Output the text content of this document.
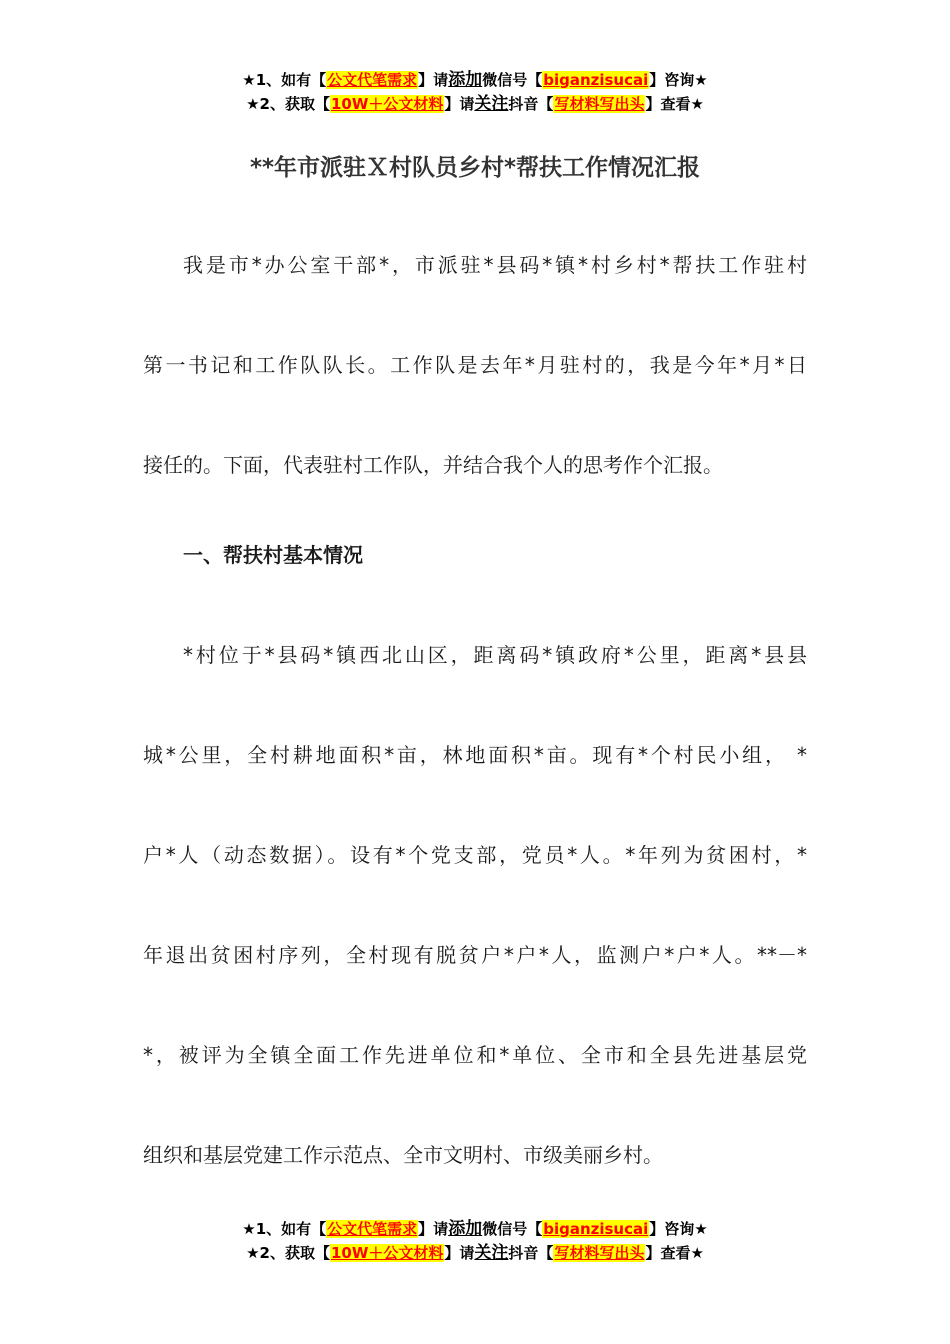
★1、如有【公文代笔需求】请添加微信号【biganzisucai】咨询★
★2、获取【10W＋公文材料】请关注抖音【写材料写出头】查看★
**年市派驻Ｘ村队员乡村*帮扶工作情况汇报
我是市*办公室干部*，市派驻*县码*镇*村乡村*帮扶工作驻村
第一书记和工作队队长。工作队是去年*月驻村的，我是今年*月*日
接任的。下面，代表驻村工作队，并结合我个人的思考作个汇报。
一、帮扶村基本情况
*村位于*县码*镇西北山区，距离码*镇政府*公里，距离*县县
城*公里，全村耕地面积*亩，林地面积*亩。现有*个村民小组， *
户*人（动态数据）。设有*个党支部，党员*人。*年列为贫困村，*
年退出贫困村序列，全村现有脱贫户*户*人，监测户*户*人。**－*
*，被评为全镇全面工作先进单位和*单位、全市和全县先进基层党
组织和基层党建工作示范点、全市文明村、市级美丽乡村。
★1、如有【公文代笔需求】请添加微信号【biganzisucai】咨询★
★2、获取【10W＋公文材料】请关注抖音【写材料写出头】查看★
